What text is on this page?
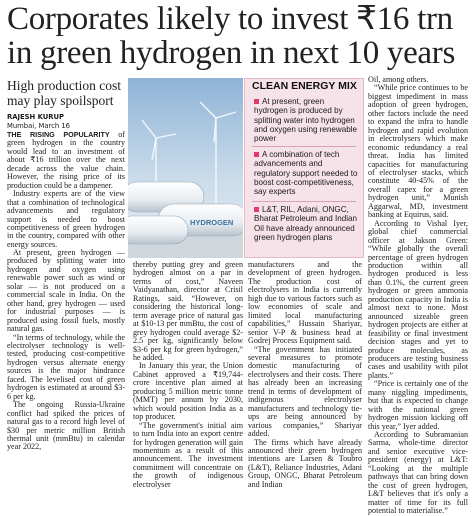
Corporates likely to invest ₹16 trn
in green hydrogen in next 10 years
High production cost
may play spoilsport
RAJESH KURUP
Mumbai, March 16

THE RISING POPULARITY of green hydrogen in the country would lead to an investment of about ₹16 trillion over the next decade across the value chain. However, the rising price of its production could be a dampener.

Industry experts are of the view that a combination of technological advancements and regulatory support is needed to boost competitiveness of green hydrogen in the country, compared with other energy sources.

At present, green hydrogen — produced by splitting water into hydrogen and oxygen using renewable power such as wind or solar — is not produced on a commercial scale in India. On the other hand, grey hydrogen — used for industrial purposes — is produced using fossil fuels, mostly natural gas.

“In terms of technology, while the electrolyser technology is well-tested, producing cost-competitive hydrogen versus alternate energy sources is the major hindrance faced. The levelised cost of green hydrogen is estimated at around $3-6 per kg.

The ongoing Russia-Ukraine conflict had spiked the prices of natural gas to a record high level of $30 per metric million British thermal unit (mmBtu) in calendar year 2022,

HYDROGEN
CLEAN ENERGY MIX
At present, green hydrogen is produced by splitting water into hydrogen and oxygen using renewable power
A combination of tech advancements and regulatory support needed to boost cost-competitiveness, say experts
L&T, RIL, Adani, ONGC, Bharat Petroleum and Indian Oil have already announced green hydrogen plans

thereby putting grey and green hydrogen almost on a par in terms of cost,” Naveen Vaidyanathan, director at Crisil Ratings, said. “However, on considering the historical long-term average price of natural gas at $10-13 per mmBtu, the cost of grey hydrogen could average $2-2.5 per kg, significantly below $3-6 per kg for green hydrogen,” he added.

In January this year, the Union Cabinet approved a ₹19,744-crore incentive plan aimed at producing 5 million metric tonne (MMT) per annum by 2030, which would position India as a top producer.

“The government's initial aim to turn India into an export centre for hydrogen generation will gain momentum as a result of this announcement. The investment commitment will concentrate on the growth of indigenous electrolyser

manufacturers and the development of green hydrogen. The production cost of electrolysers in India is currently high due to various factors such as low economies of scale and limited local manufacturing capabilities,” Hussain Shariyar, senior V-P & business head at Godrej Process Equipment said.

“The government has initiated several measures to promote domestic manufacturing of electrolysers and their costs. There has already been an increasing trend in terms of development of indigenous electrolyser manufacturers and technology tie-ups are being announced by various companies,” Shariyar added.

The firms which have already announced their green hydrogen intentions are Larsen & Toubro (L&T), Reliance Industries, Adani Group, ONGC, Bharat Petroleum and Indian

Oil, among others.

“While price continues to be biggest impediment in mass adoption of green hydrogen, other factors include the need to expand the infra to handle hydrogen and rapid evolution in electrolysers which make economic redundancy a real threat. India has limited capacities for manufacturing of electrolyser stacks, which constitute 40-45% of the overall capex for a green hydrogen unit,” Munish Aggarwal, MD, investment banking at Equirus, said.

According to Vishal Iyer, global chief commercial officer at Jakson Green: “While globally the overall percentage of green hydrogen production within all hydrogen produced is less than 0.1%, the current green hydrogen or green ammonia production capacity in India is almost next to none. Most announced sizeable green hydrogen projects are either at feasibility or final investment decision stages and yet to produce molecules, as producers are testing business cases and usability with pilot plants.”

“Price is certainly one of the many niggling impediments, but that is expected to change with the national green hydrogen mission kicking off this year,” Iyer added.

According to Subramanian Sarma, whole-time director and senior executive vice-president (energy) at L&T: “Looking at the multiple pathways that can bring down the cost of green hydrogen, L&T believes that it's only a matter of time for its full potential to materialise.”
